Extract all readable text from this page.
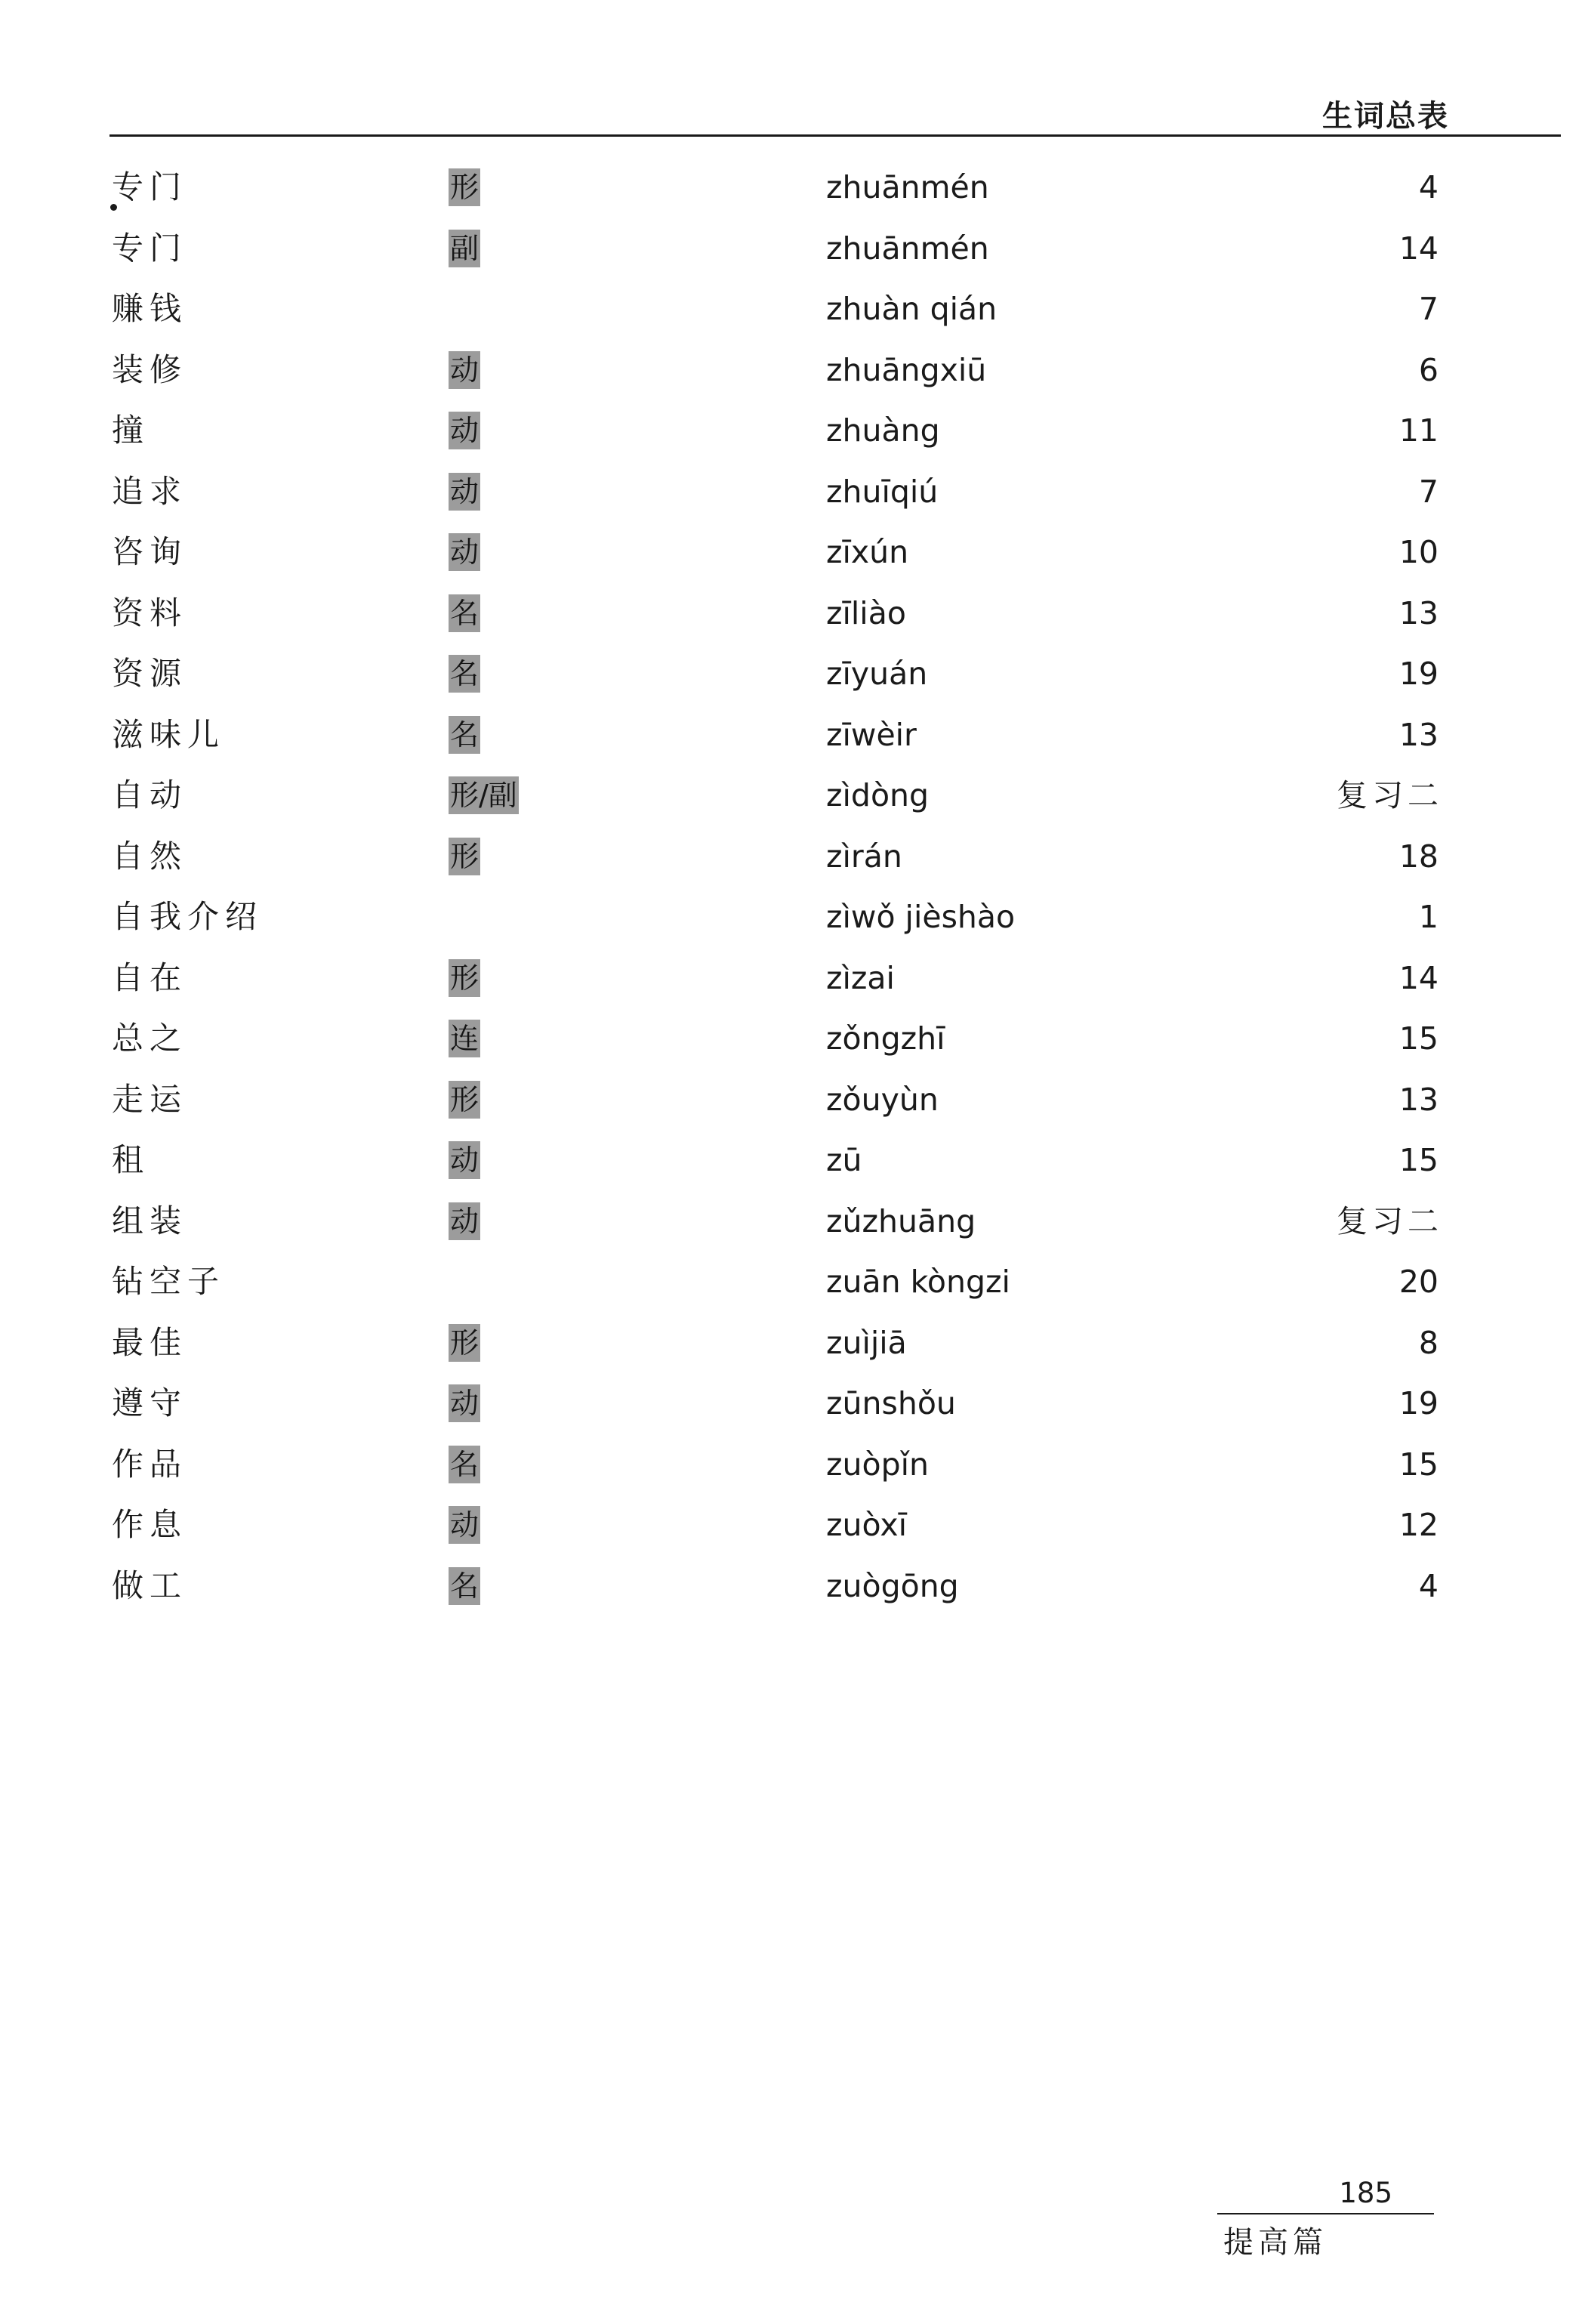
生词总表
专门	形	zhuānmén	4
专门	副	zhuānmén	14
赚钱	zhuàn qián	7
装修	动	zhuāngxiū	6
撞	动	zhuàng	11
追求	动	zhuīqiú	7
咨询	动	zīxún	10
资料	名	zīliào	13
资源	名	zīyuán	19
滋味儿	名	zīwèir	13
自动	形/副	zìdòng	复习二
自然	形	zìrán	18
自我介绍	zìwǒ jièshào	1
自在	形	zìzai	14
总之	连	zǒngzhī	15
走运	形	zǒuyùn	13
租	动	zū	15
组装	动	zǔzhuāng	复习二
钻空子	zuān kòngzi	20
最佳	形	zuìjiā	8
遵守	动	zūnshǒu	19
作品	名	zuòpǐn	15
作息	动	zuòxī	12
做工	名	zuògōng	4
185
提高篇
